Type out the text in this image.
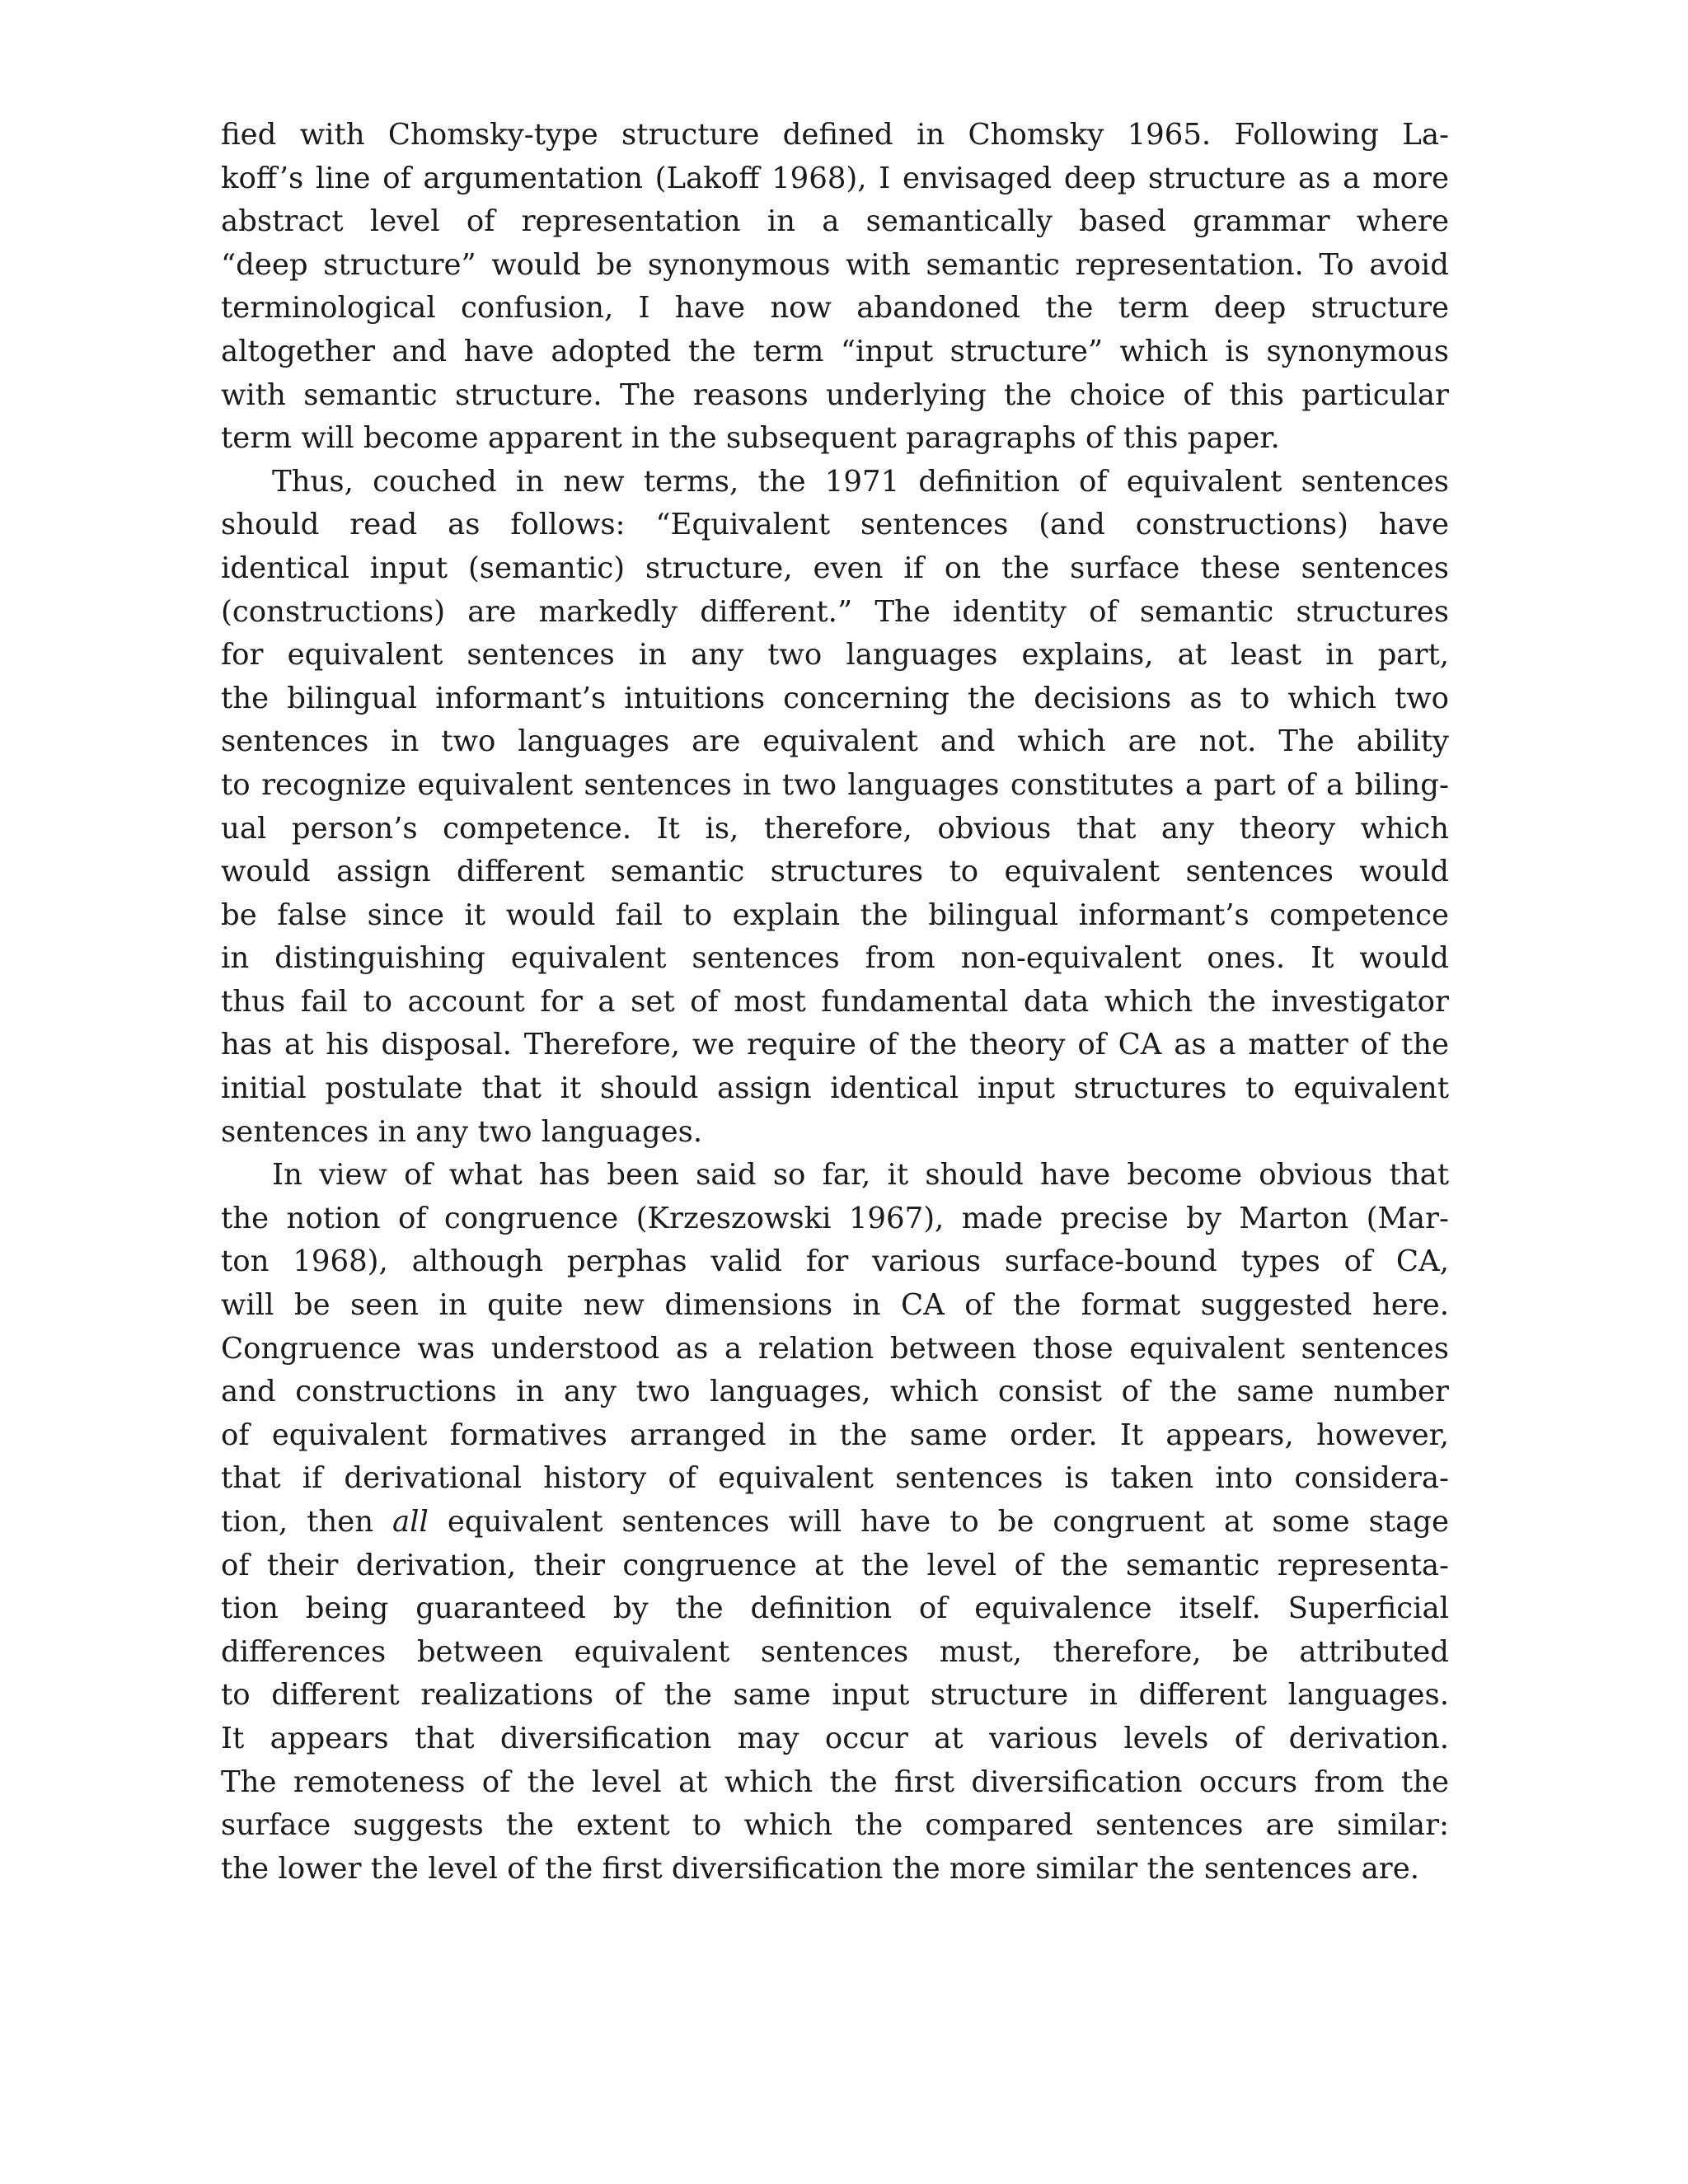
fied with Chomsky-type structure defined in Chomsky 1965. Following La-
koff’s line of argumentation (Lakoff 1968), I envisaged deep structure as a more
abstract level of representation in a semantically based grammar where
“deep structure” would be synonymous with semantic representation. To avoid
terminological confusion, I have now abandoned the term deep structure
altogether and have adopted the term “input structure” which is synonymous
with semantic structure. The reasons underlying the choice of this particular
term will become apparent in the subsequent paragraphs of this paper.
Thus, couched in new terms, the 1971 definition of equivalent sentences
should read as follows: “Equivalent sentences (and constructions) have
identical input (semantic) structure, even if on the surface these sentences
(constructions) are markedly different.” The identity of semantic structures
for equivalent sentences in any two languages explains, at least in part,
the bilingual informant’s intuitions concerning the decisions as to which two
sentences in two languages are equivalent and which are not. The ability
to recognize equivalent sentences in two languages constitutes a part of a biling-
ual person’s competence. It is, therefore, obvious that any theory which
would assign different semantic structures to equivalent sentences would
be false since it would fail to explain the bilingual informant’s competence
in distinguishing equivalent sentences from non-equivalent ones. It would
thus fail to account for a set of most fundamental data which the investigator
has at his disposal. Therefore, we require of the theory of CA as a matter of the
initial postulate that it should assign identical input structures to equivalent
sentences in any two languages.
In view of what has been said so far, it should have become obvious that
the notion of congruence (Krzeszowski 1967), made precise by Marton (Mar-
ton 1968), although perphas valid for various surface-bound types of CA,
will be seen in quite new dimensions in CA of the format suggested here.
Congruence was understood as a relation between those equivalent sentences
and constructions in any two languages, which consist of the same number
of equivalent formatives arranged in the same order. It appears, however,
that if derivational history of equivalent sentences is taken into considera-
tion, then all equivalent sentences will have to be congruent at some stage
of their derivation, their congruence at the level of the semantic representa-
tion being guaranteed by the definition of equivalence itself. Superficial
differences between equivalent sentences must, therefore, be attributed
to different realizations of the same input structure in different languages.
It appears that diversification may occur at various levels of derivation.
The remoteness of the level at which the first diversification occurs from the
surface suggests the extent to which the compared sentences are similar:
the lower the level of the first diversification the more similar the sentences are.
